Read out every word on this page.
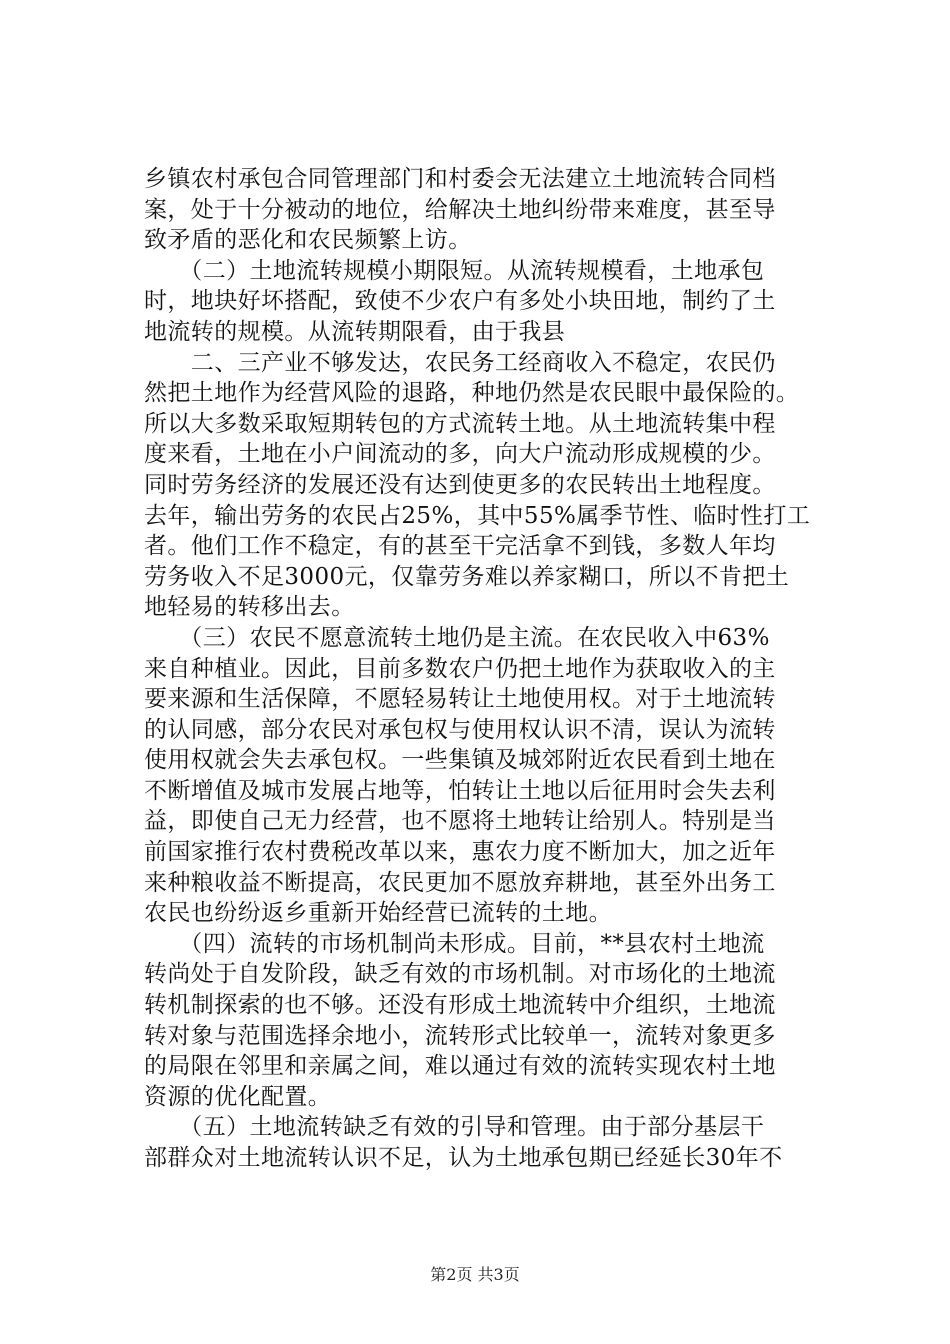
乡镇农村承包合同管理部门和村委会无法建立土地流转合同档
案，处于十分被动的地位，给解决土地纠纷带来难度，甚至导
致矛盾的恶化和农民频繁上访。
　　（二）土地流转规模小期限短。从流转规模看，土地承包
时，地块好坏搭配，致使不少农户有多处小块田地，制约了土
地流转的规模。从流转期限看，由于我县
　　二、三产业不够发达，农民务工经商收入不稳定，农民仍
然把土地作为经营风险的退路，种地仍然是农民眼中最保险的。
所以大多数采取短期转包的方式流转土地。从土地流转集中程
度来看，土地在小户间流动的多，向大户流动形成规模的少。
同时劳务经济的发展还没有达到使更多的农民转出土地程度。
去年，输出劳务的农民占25%，其中55%属季节性、临时性打工
者。他们工作不稳定，有的甚至干完活拿不到钱，多数人年均
劳务收入不足3000元，仅靠劳务难以养家糊口，所以不肯把土
地轻易的转移出去。
　　（三）农民不愿意流转土地仍是主流。在农民收入中63%
来自种植业。因此，目前多数农户仍把土地作为获取收入的主
要来源和生活保障，不愿轻易转让土地使用权。对于土地流转
的认同感，部分农民对承包权与使用权认识不清，误认为流转
使用权就会失去承包权。一些集镇及城郊附近农民看到土地在
不断增值及城市发展占地等，怕转让土地以后征用时会失去利
益，即使自己无力经营，也不愿将土地转让给别人。特别是当
前国家推行农村费税改革以来，惠农力度不断加大，加之近年
来种粮收益不断提高，农民更加不愿放弃耕地，甚至外出务工
农民也纷纷返乡重新开始经营已流转的土地。
　　（四）流转的市场机制尚未形成。目前，**县农村土地流
转尚处于自发阶段，缺乏有效的市场机制。对市场化的土地流
转机制探索的也不够。还没有形成土地流转中介组织，土地流
转对象与范围选择余地小，流转形式比较单一，流转对象更多
的局限在邻里和亲属之间，难以通过有效的流转实现农村土地
资源的优化配置。
　　（五）土地流转缺乏有效的引导和管理。由于部分基层干
部群众对土地流转认识不足，认为土地承包期已经延长30年不
第2页 共3页
